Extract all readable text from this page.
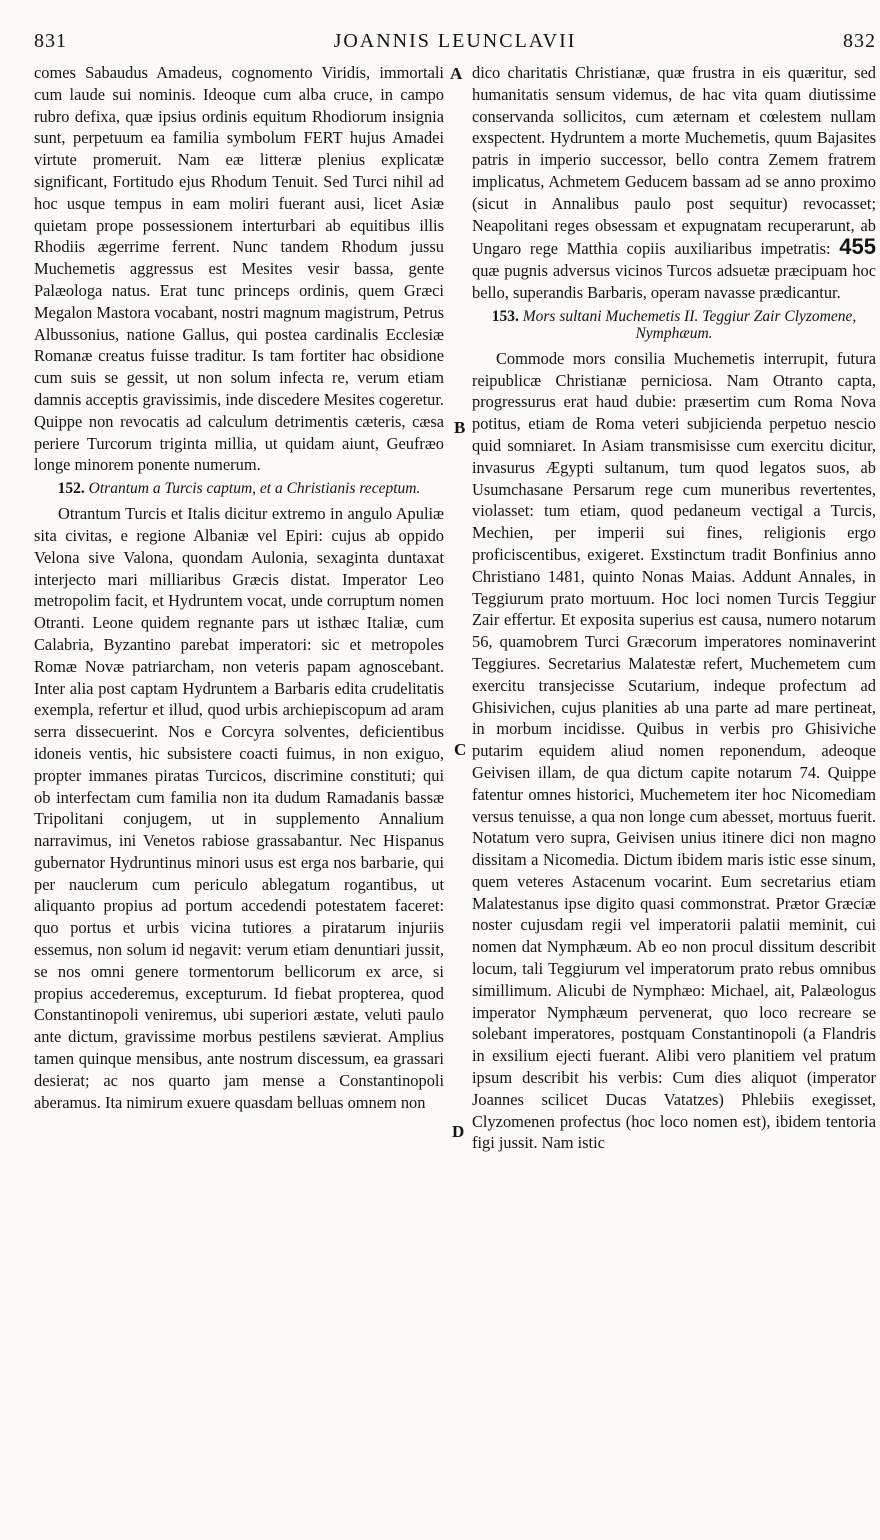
831	JOANNIS LEUNCLAVII	832
A
B
C
D

comes Sabaudus Amadeus, cognomento Viridis, immortali cum laude sui nominis. Ideoque cum alba cruce, in campo rubro defixa, quæ ipsius ordinis equitum Rhodiorum insignia sunt, perpetuum ea familia symbolum FERT hujus Amadei virtute promeruit. Nam eæ litteræ plenius explicatæ significant, Fortitudo ejus Rhodum Tenuit. Sed Turci nihil ad hoc usque tempus in eam moliri fuerant ausi, licet Asiæ quietam prope possessionem interturbari ab equitibus illis Rhodiis ægerrime ferrent. Nunc tandem Rhodum jussu Muchemetis aggressus est Mesites vesir bassa, gente Palæologa natus. Erat tunc princeps ordinis, quem Græci Megalon Mastora vocabant, nostri magnum magistrum, Petrus Albussonius, natione Gallus, qui postea cardinalis Ecclesiæ Romanæ creatus fuisse traditur. Is tam fortiter hac obsidione cum suis se gessit, ut non solum infecta re, verum etiam damnis acceptis gravissimis, inde discedere Mesites cogeretur. Quippe non revocatis ad calculum detrimentis cæteris, cæsa periere Turcorum triginta millia, ut quidam aiunt, Geufræo longe minorem ponente numerum.

152. Otrantum a Turcis captum, et a Christianis receptum.

Otrantum Turcis et Italis dicitur extremo in angulo Apuliæ sita civitas, e regione Albaniæ vel Epiri: cujus ab oppido Velona sive Valona, quondam Aulonia, sexaginta duntaxat interjecto mari milliaribus Græcis distat. Imperator Leo metropolim facit, et Hydruntem vocat, unde corruptum nomen Otranti. Leone quidem regnante pars ut isthæc Italiæ, cum Calabria, Byzantino parebat imperatori: sic et metropoles Romæ Novæ patriarcham, non veteris papam agnoscebant. Inter alia post captam Hydruntem a Barbaris edita crudelitatis exempla, refertur et illud, quod urbis archiepiscopum ad aram serra dissecuerint. Nos e Corcyra solventes, deficientibus idoneis ventis, hic subsistere coacti fuimus, in non exiguo, propter immanes piratas Turcicos, discrimine constituti; qui ob interfectam cum familia non ita dudum Ramadanis bassæ Tripolitani conjugem, ut in supplemento Annalium narravimus, ini Venetos rabiose grassabantur. Nec Hispanus gubernator Hydruntinus minori usus est erga nos barbarie, qui per nauclerum cum periculo ablegatum rogantibus, ut aliquanto propius ad portum accedendi potestatem faceret: quo portus et urbis vicina tutiores a piratarum injuriis essemus, non solum id negavit: verum etiam denuntiari jussit, se nos omni genere tormentorum bellicorum ex arce, si propius accederemus, excepturum. Id fiebat propterea, quod Constantinopoli veniremus, ubi superiori æstate, veluti paulo ante dictum, gravissime morbus pestilens sævierat. Amplius tamen quinque mensibus, ante nostrum discessum, ea grassari desierat; ac nos quarto jam mense a Constantinopoli aberamus. Ita nimirum exuere quasdam belluas omnem non

dico charitatis Christianæ, quæ frustra in eis quæritur, sed humanitatis sensum videmus, de hac vita quam diutissime conservanda sollicitos, cum æternam et cœlestem nullam exspectent. Hydruntem a morte Muchemetis, quum Bajasites patris in imperio successor, bello contra Zemem fratrem implicatus, Achmetem Geducem bassam ad se anno proximo (sicut in Annalibus paulo post sequitur) revocasset; Neapolitani reges obsessam et expugnatam recuperarunt, ab Ungaro rege Matthia copiis auxiliaribus impetratis: 455 quæ pugnis adversus vicinos Turcos adsuetæ præcipuam hoc bello, superandis Barbaris, operam navasse prædicantur.

153. Mors sultani Muchemetis II. Teggiur Zair Clyzomene, Nymphæum.

Commode mors consilia Muchemetis interrupit, futura reipublicæ Christianæ perniciosa. Nam Otranto capta, progressurus erat haud dubie: præsertim cum Roma Nova potitus, etiam de Roma veteri subjicienda perpetuo nescio quid somniaret. In Asiam transmisisse cum exercitu dicitur, invasurus Ægypti sultanum, tum quod legatos suos, ab Usumchasane Persarum rege cum muneribus revertentes, violasset: tum etiam, quod pedaneum vectigal a Turcis, Mechien, per imperii sui fines, religionis ergo proficiscentibus, exigeret. Exstinctum tradit Bonfinius anno Christiano 1481, quinto Nonas Maias. Addunt Annales, in Teggiurum prato mortuum. Hoc loci nomen Turcis Teggiur Zair effertur. Et exposita superius est causa, numero notarum 56, quamobrem Turci Græcorum imperatores nominaverint Teggiures. Secretarius Malatestæ refert, Muchemetem cum exercitu transjecisse Scutarium, indeque profectum ad Ghisivichen, cujus planities ab una parte ad mare pertineat, in morbum incidisse. Quibus in verbis pro Ghisiviche putarim equidem aliud nomen reponendum, adeoque Geivisen illam, de qua dictum capite notarum 74. Quippe fatentur omnes historici, Muchemetem iter hoc Nicomediam versus tenuisse, a qua non longe cum abesset, mortuus fuerit. Notatum vero supra, Geivisen unius itinere dici non magno dissitam a Nicomedia. Dictum ibidem maris istic esse sinum, quem veteres Astacenum vocarint. Eum secretarius etiam Malatestanus ipse digito quasi commonstrat. Prætor Græciæ noster cujusdam regii vel imperatorii palatii meminit, cui nomen dat Nymphæum. Ab eo non procul dissitum describit locum, tali Teggiurum vel imperatorum prato rebus omnibus simillimum. Alicubi de Nymphæo: Michael, ait, Palæologus imperator Nymphæum pervenerat, quo loco recreare se solebant imperatores, postquam Constantinopoli (a Flandris in exsilium ejecti fuerant. Alibi vero planitiem vel pratum ipsum describit his verbis: Cum dies aliquot (imperator Joannes scilicet Ducas Vatatzes) Phlebiis exegisset, Clyzomenen profectus (hoc loco nomen est), ibidem tentoria figi jussit. Nam istic
